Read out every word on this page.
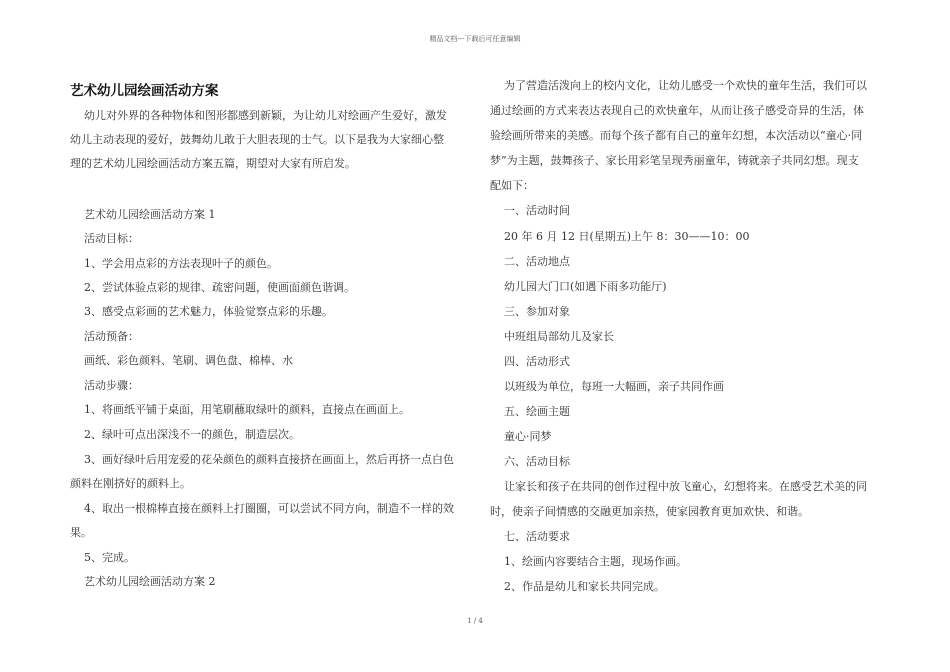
精品文档---下载后可任意编辑
艺术幼儿园绘画活动方案

幼儿对外界的各种物体和图形都感到新颖，为让幼儿对绘画产生爱好，激发

幼儿主动表现的爱好，鼓舞幼儿敢于大胆表现的士气。以下是我为大家细心整

理的艺术幼儿园绘画活动方案五篇，期望对大家有所启发。

艺术幼儿园绘画活动方案 1

活动目标：

1、学会用点彩的方法表现叶子的颜色。

2、尝试体验点彩的规律、疏密问题，使画面颜色谐调。

3、感受点彩画的艺术魅力，体验觉察点彩的乐趣。

活动预备：

画纸、彩色颜料、笔刷、调色盘、棉棒、水

活动步骤：

1、将画纸平铺于桌面，用笔刷蘸取绿叶的颜料，直接点在画面上。

2、绿叶可点出深浅不一的颜色，制造层次。

3、画好绿叶后用宠爱的花朵颜色的颜料直接挤在画面上，然后再挤一点白色

颜料在刚挤好的颜料上。

4、取出一根棉棒直接在颜料上打圈圈，可以尝试不同方向，制造不一样的效

果。

5、完成。

艺术幼儿园绘画活动方案 2

为了营造活泼向上的校内文化，让幼儿感受一个欢快的童年生活，我们可以

通过绘画的方式来表达表现自己的欢快童年，从而让孩子感受奇异的生活，体

验绘画所带来的美感。而每个孩子都有自己的童年幻想，本次活动以“童心·同

梦”为主题，鼓舞孩子、家长用彩笔呈现秀丽童年，铸就亲子共同幻想。现支

配如下：

一、活动时间

20 年 6 月 12 日(星期五)上午 8：30——10：00

二、活动地点

幼儿园大门口(如遇下雨多功能厅)

三、参加对象

中班组局部幼儿及家长

四、活动形式

以班级为单位，每班一大幅画，亲子共同作画

五、绘画主题

童心·同梦

六、活动目标

让家长和孩子在共同的创作过程中放飞童心，幻想将来。在感受艺术美的同

时，使亲子间情感的交融更加亲热，使家园教育更加欢快、和谐。

七、活动要求

1、绘画内容要结合主题，现场作画。

2、作品是幼儿和家长共同完成。

1 / 4
